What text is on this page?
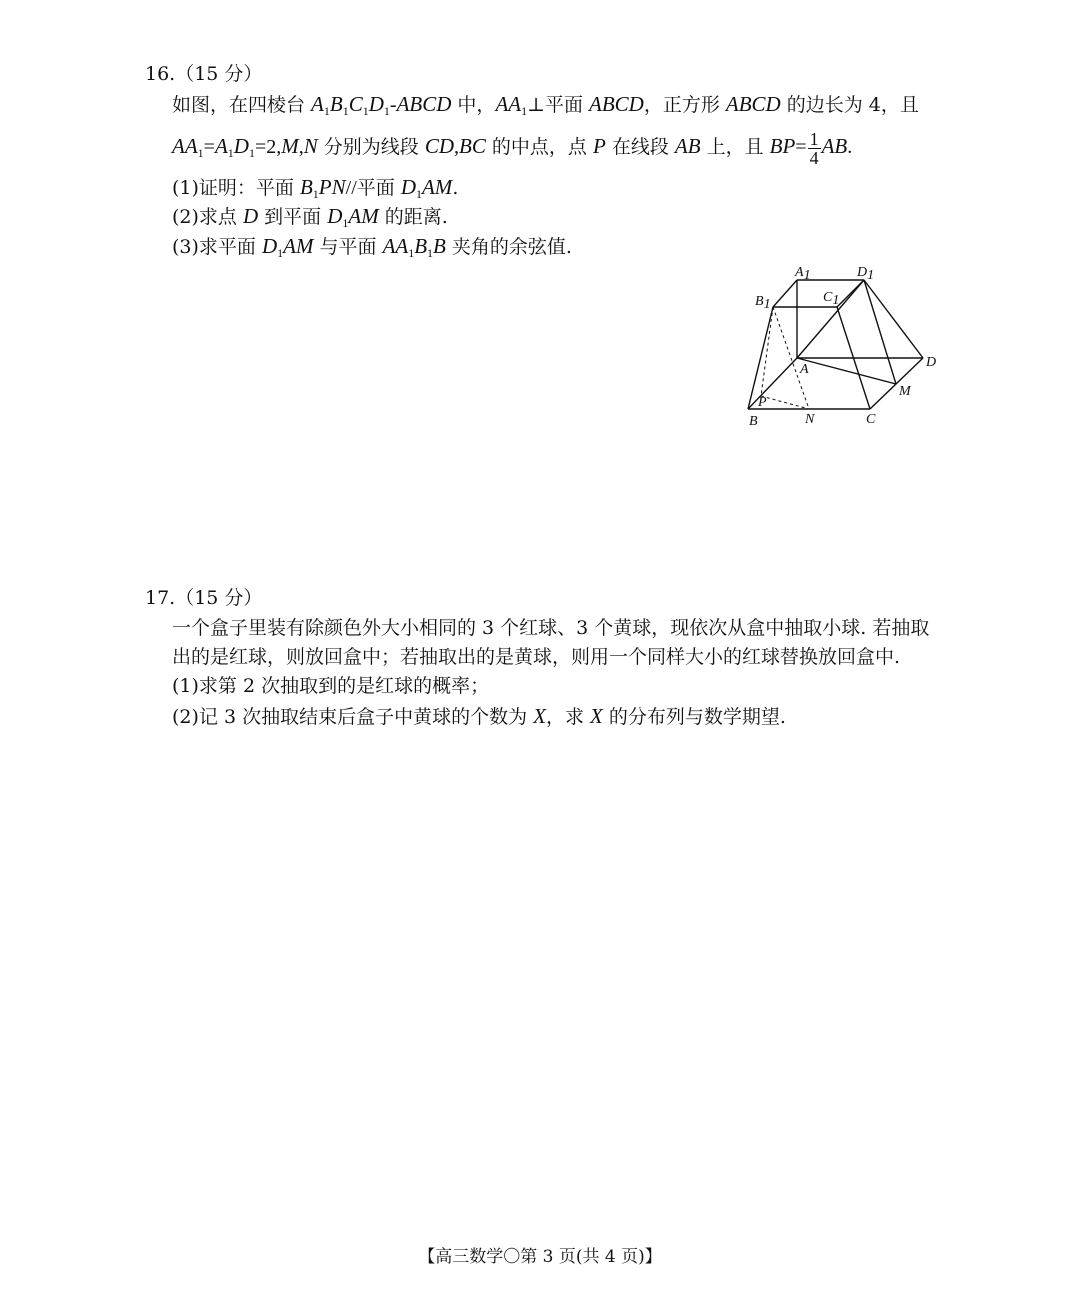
16.（15 分）
如图，在四棱台 $A_1B_1C_1D_1$-ABCD 中，$AA_1\perp$平面 ABCD，正方形 ABCD 的边长为 4，且
$AA_1=A_1D_1=2,M,N$ 分别为线段 CD,BC 的中点，点 P 在线段 AB 上，且 $BP= \frac{1}{4}$ AB.
(1)证明：平面 $B_1PN//$平面 $D_1AM$.
(2)求点 D 到平面 $D_1AM$ 的距离.
(3)求平面 $D_1AM$ 与平面 $AA_1B_1B$ 夹角的余弦值.
A1	D1
B1	C1
A	D
M
P
B	N	C
17.（15 分）
一个盒子里装有除颜色外大小相同的 3 个红球、3 个黄球，现依次从盒中抽取小球. 若抽取
出的是红球，则放回盒中；若抽取出的是黄球，则用一个同样大小的红球替换放回盒中.
(1)求第 2 次抽取到的是红球的概率；
(2)记 3 次抽取结束后盒子中黄球的个数为 X，求 X 的分布列与数学期望.
【高三数学〇第 3 页(共 4 页)】
